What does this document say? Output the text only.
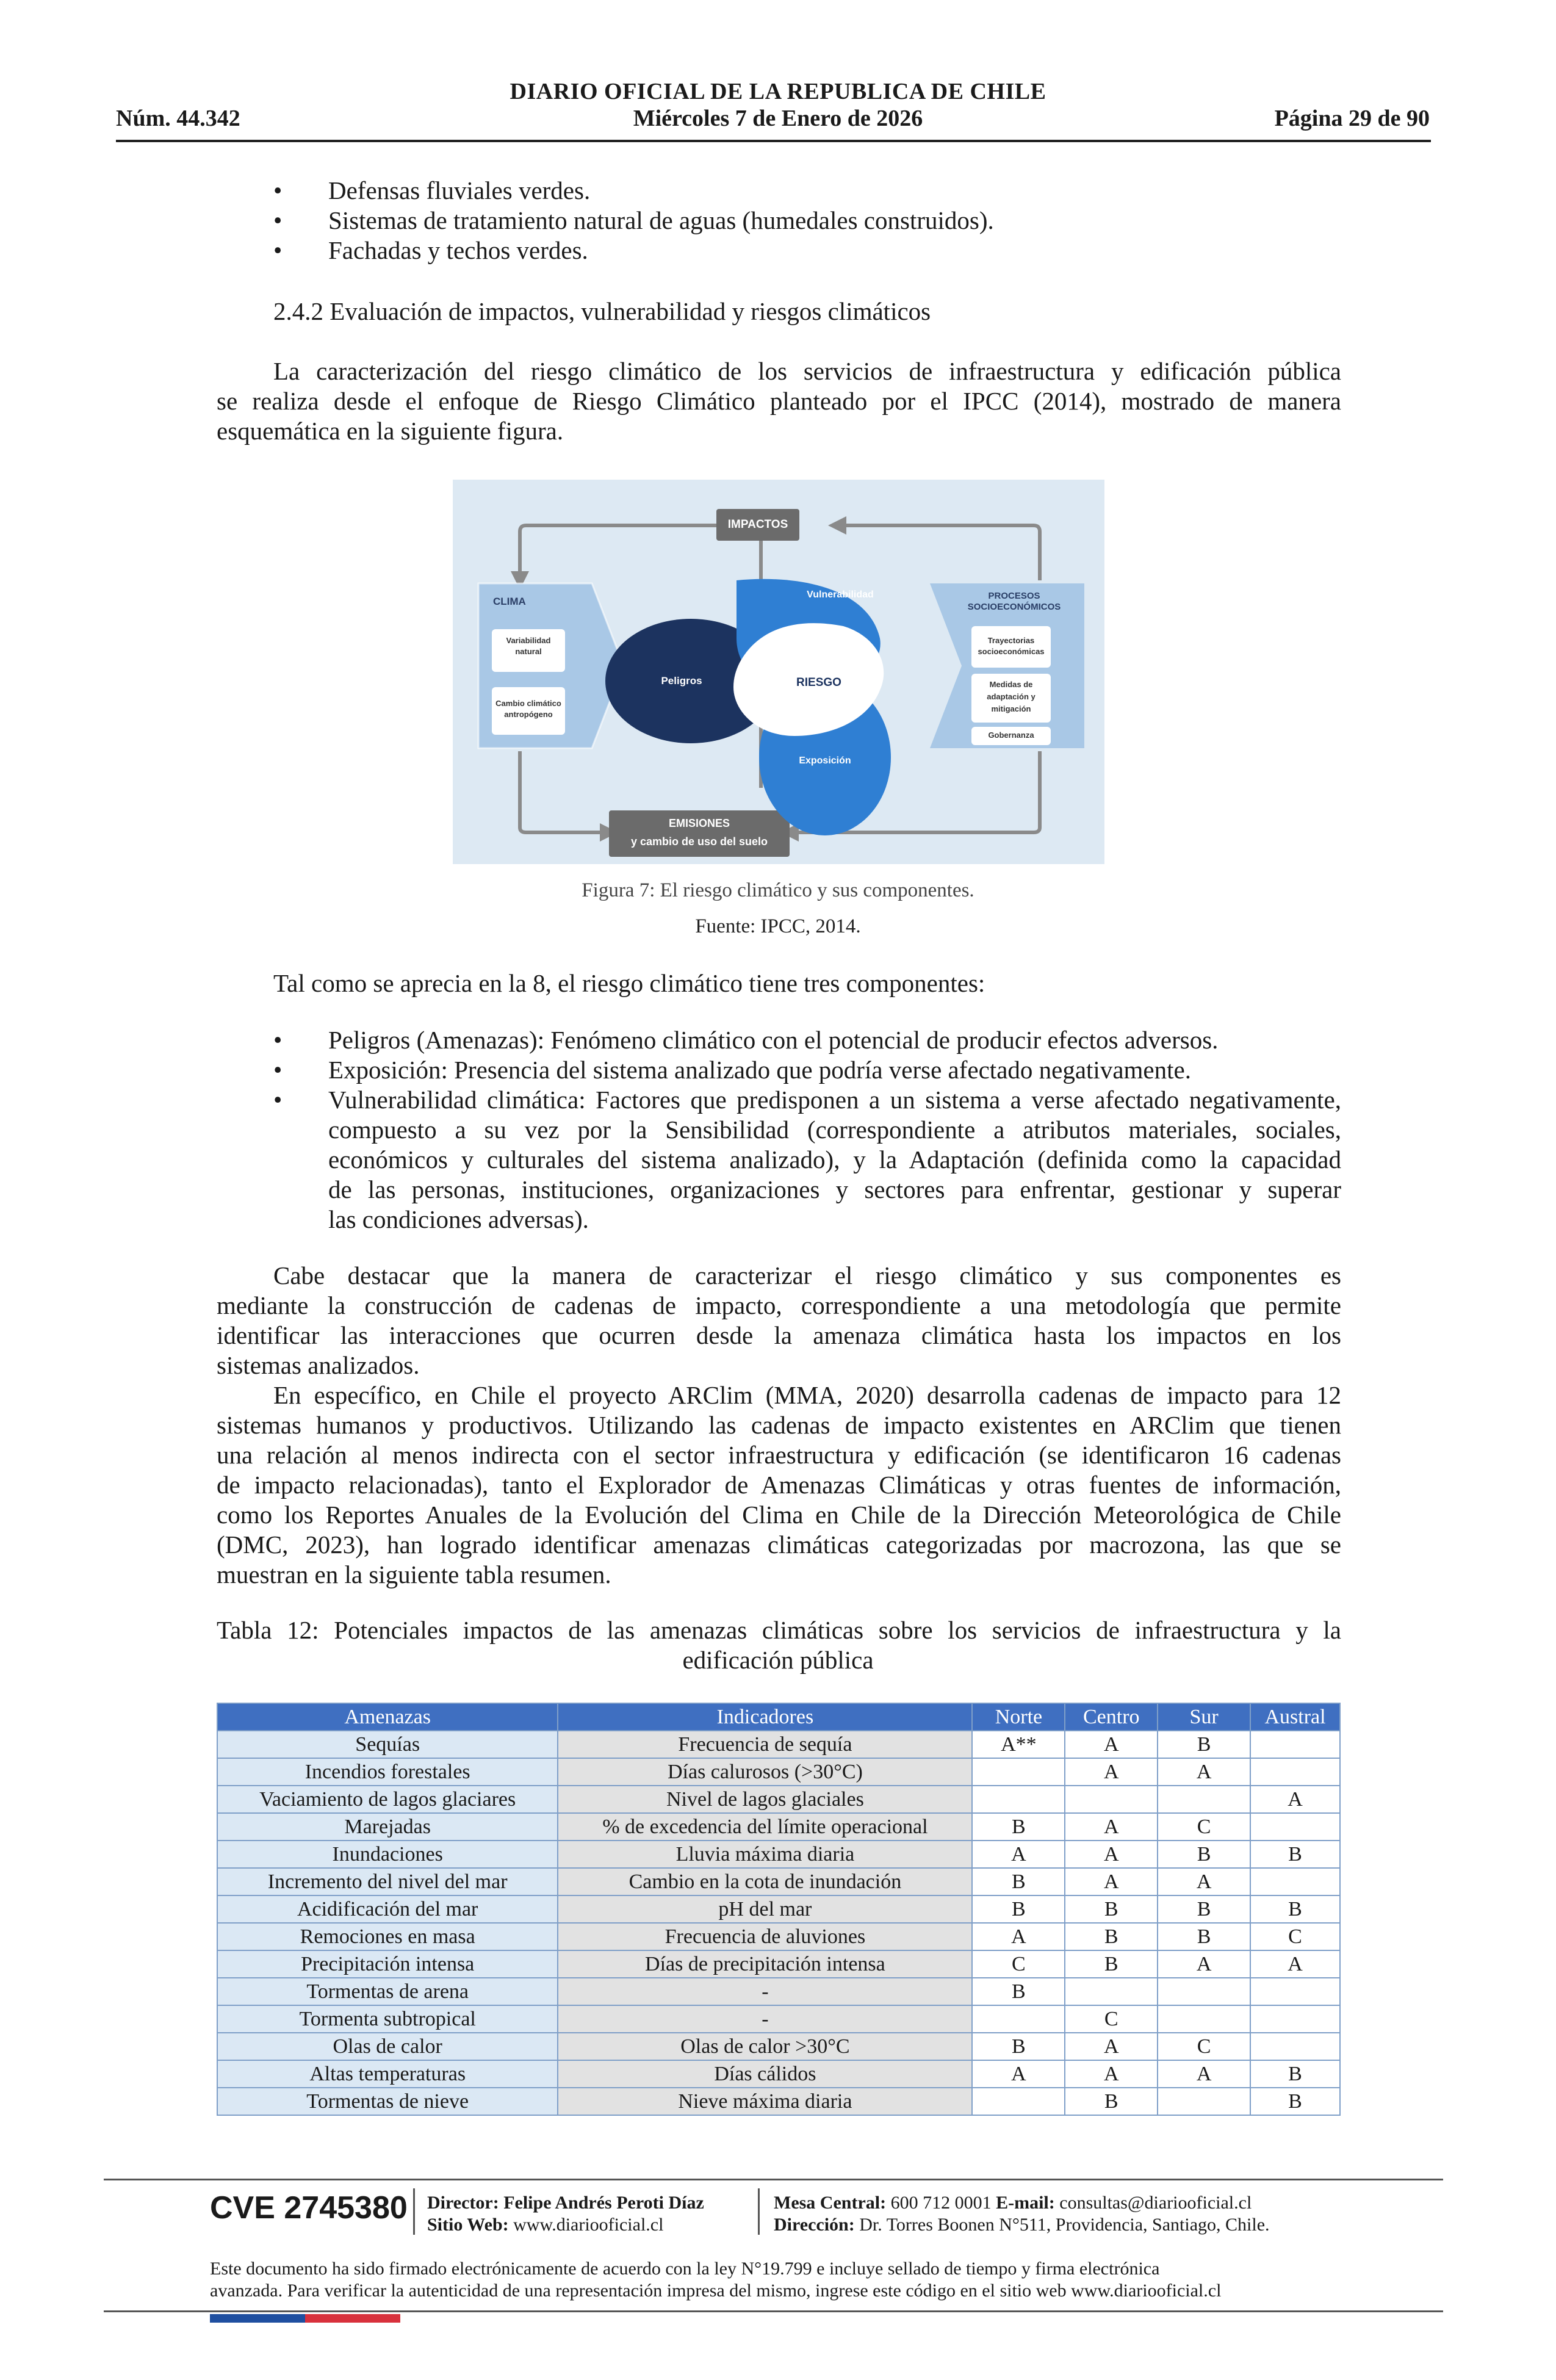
DIARIO OFICIAL DE LA REPUBLICA DE CHILE
Núm. 44.342	Miércoles 7 de Enero de 2026	Página 29 de 90
• Defensas fluviales verdes.
• Sistemas de tratamiento natural de aguas (humedales construidos).
• Fachadas y techos verdes.
2.4.2 Evaluación de impactos, vulnerabilidad y riesgos climáticos
La caracterización del riesgo climático de los servicios de infraestructura y edificación pública
se realiza desde el enfoque de Riesgo Climático planteado por el IPCC (2014), mostrado de manera
esquemática en la siguiente figura.
IMPACTOS
CLIMA
Variabilidad
natural
Cambio climático
antropógeno
Vulnerabilidad
Peligros	RIESGO
Exposición
PROCESOS
SOCIOECONÓMICOS
Trayectorias
socioeconómicas
Medidas de
adaptación y
mitigación
Gobernanza
EMISIONES
y cambio de uso del suelo
Figura 7: El riesgo climático y sus componentes.
Fuente: IPCC, 2014.
Tal como se aprecia en la 8, el riesgo climático tiene tres componentes:
• Peligros (Amenazas): Fenómeno climático con el potencial de producir efectos adversos.
• Exposición: Presencia del sistema analizado que podría verse afectado negativamente.
• Vulnerabilidad climática: Factores que predisponen a un sistema a verse afectado negativamente,
compuesto a su vez por la Sensibilidad (correspondiente a atributos materiales, sociales,
económicos y culturales del sistema analizado), y la Adaptación (definida como la capacidad
de las personas, instituciones, organizaciones y sectores para enfrentar, gestionar y superar
las condiciones adversas).
Cabe destacar que la manera de caracterizar el riesgo climático y sus componentes es
mediante la construcción de cadenas de impacto, correspondiente a una metodología que permite
identificar las interacciones que ocurren desde la amenaza climática hasta los impactos en los
sistemas analizados.
En específico, en Chile el proyecto ARClim (MMA, 2020) desarrolla cadenas de impacto para 12
sistemas humanos y productivos. Utilizando las cadenas de impacto existentes en ARClim que tienen
una relación al menos indirecta con el sector infraestructura y edificación (se identificaron 16 cadenas
de impacto relacionadas), tanto el Explorador de Amenazas Climáticas y otras fuentes de información,
como los Reportes Anuales de la Evolución del Clima en Chile de la Dirección Meteorológica de Chile
(DMC, 2023), han logrado identificar amenazas climáticas categorizadas por macrozona, las que se
muestran en la siguiente tabla resumen.
Tabla 12: Potenciales impactos de las amenazas climáticas sobre los servicios de infraestructura y la
edificación pública
Amenazas	Indicadores	Norte	Centro	Sur	Austral
Sequías	Frecuencia de sequía	A**	A	B	
Incendios forestales	Días calurosos (>30°C)		A	A	
Vaciamiento de lagos glaciares	Nivel de lagos glaciales				A
Marejadas	% de excedencia del límite operacional	B	A	C	
Inundaciones	Lluvia máxima diaria	A	A	B	B
Incremento del nivel del mar	Cambio en la cota de inundación	B	A	A	
Acidificación del mar	pH del mar	B	B	B	B
Remociones en masa	Frecuencia de aluviones	A	B	B	C
Precipitación intensa	Días de precipitación intensa	C	B	A	A
Tormentas de arena	-	B			
Tormenta subtropical	-		C		
Olas de calor	Olas de calor >30°C	B	A	C	
Altas temperaturas	Días cálidos	A	A	A	B
Tormentas de nieve	Nieve máxima diaria		B		B
CVE 2745380 Director: Felipe Andrés Peroti Díaz
Sitio Web: www.diariooficial.cl
Mesa Central: 600 712 0001 E-mail: consultas@diariooficial.cl
Dirección: Dr. Torres Boonen N°511, Providencia, Santiago, Chile.
Este documento ha sido firmado electrónicamente de acuerdo con la ley N°19.799 e incluye sellado de tiempo y firma electrónica
avanzada. Para verificar la autenticidad de una representación impresa del mismo, ingrese este código en el sitio web www.diariooficial.cl
